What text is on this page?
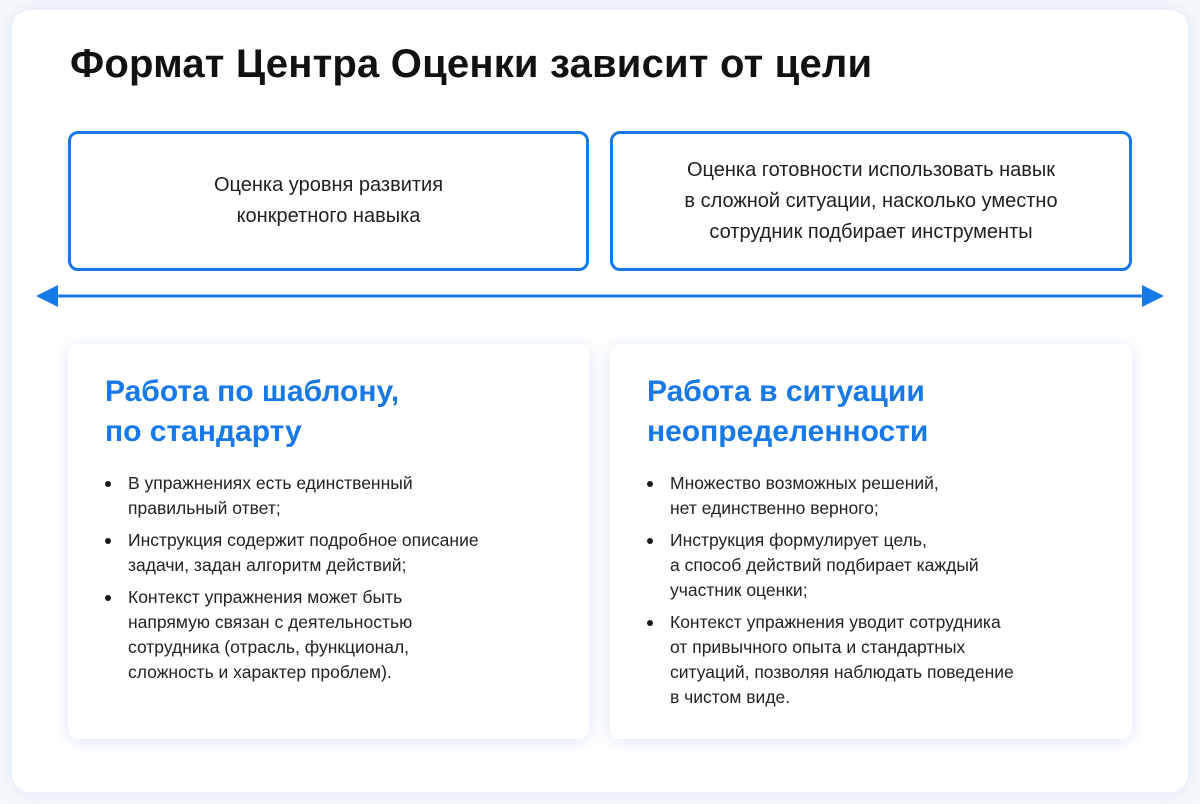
Формат Центра Оценки зависит от цели
Оценка уровня развития
конкретного навыка
Оценка готовности использовать навык
в сложной ситуации, насколько уместно
сотрудник подбирает инструменты
Работа по шаблону,
по стандарту
В упражнениях есть единственный
правильный ответ;
Инструкция содержит подробное описание
задачи, задан алгоритм действий;
Контекст упражнения может быть
напрямую связан с деятельностью
сотрудника (отрасль, функционал,
сложность и характер проблем).
Работа в ситуации
неопределенности
Множество возможных решений,
нет единственно верного;
Инструкция формулирует цель,
а способ действий подбирает каждый
участник оценки;
Контекст упражнения уводит сотрудника
от привычного опыта и стандартных
ситуаций, позволяя наблюдать поведение
в чистом виде.
